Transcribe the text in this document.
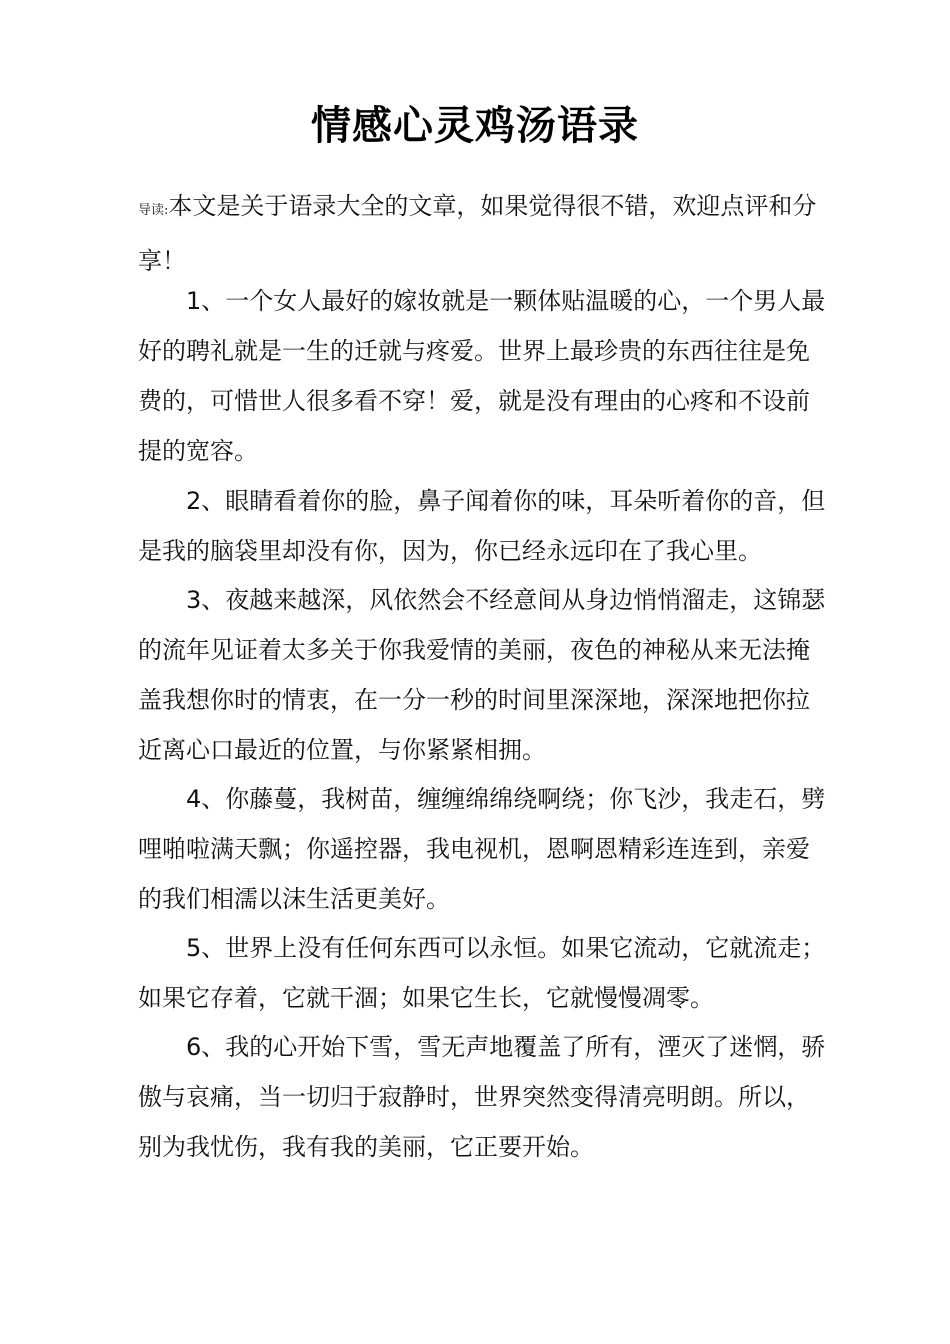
情感心灵鸡汤语录
导读:本文是关于语录大全的文章，如果觉得很不错，欢迎点评和分享！

1、一个女人最好的嫁妆就是一颗体贴温暖的心，一个男人最好的聘礼就是一生的迁就与疼爱。世界上最珍贵的东西往往是免费的，可惜世人很多看不穿！爱，就是没有理由的心疼和不设前提的宽容。

2、眼睛看着你的脸，鼻子闻着你的味，耳朵听着你的音，但是我的脑袋里却没有你，因为，你已经永远印在了我心里。

3、夜越来越深，风依然会不经意间从身边悄悄溜走，这锦瑟的流年见证着太多关于你我爱情的美丽，夜色的神秘从来无法掩盖我想你时的情衷，在一分一秒的时间里深深地，深深地把你拉近离心口最近的位置，与你紧紧相拥。

4、你藤蔓，我树苗，缠缠绵绵绕啊绕；你飞沙，我走石，劈哩啪啦满天飘；你遥控器，我电视机，恩啊恩精彩连连到，亲爱的我们相濡以沫生活更美好。

5、世界上没有任何东西可以永恒。如果它流动，它就流走；如果它存着，它就干涸；如果它生长，它就慢慢凋零。

6、我的心开始下雪，雪无声地覆盖了所有，湮灭了迷惘，骄傲与哀痛，当一切归于寂静时，世界突然变得清亮明朗。所以，别为我忧伤，我有我的美丽，它正要开始。
